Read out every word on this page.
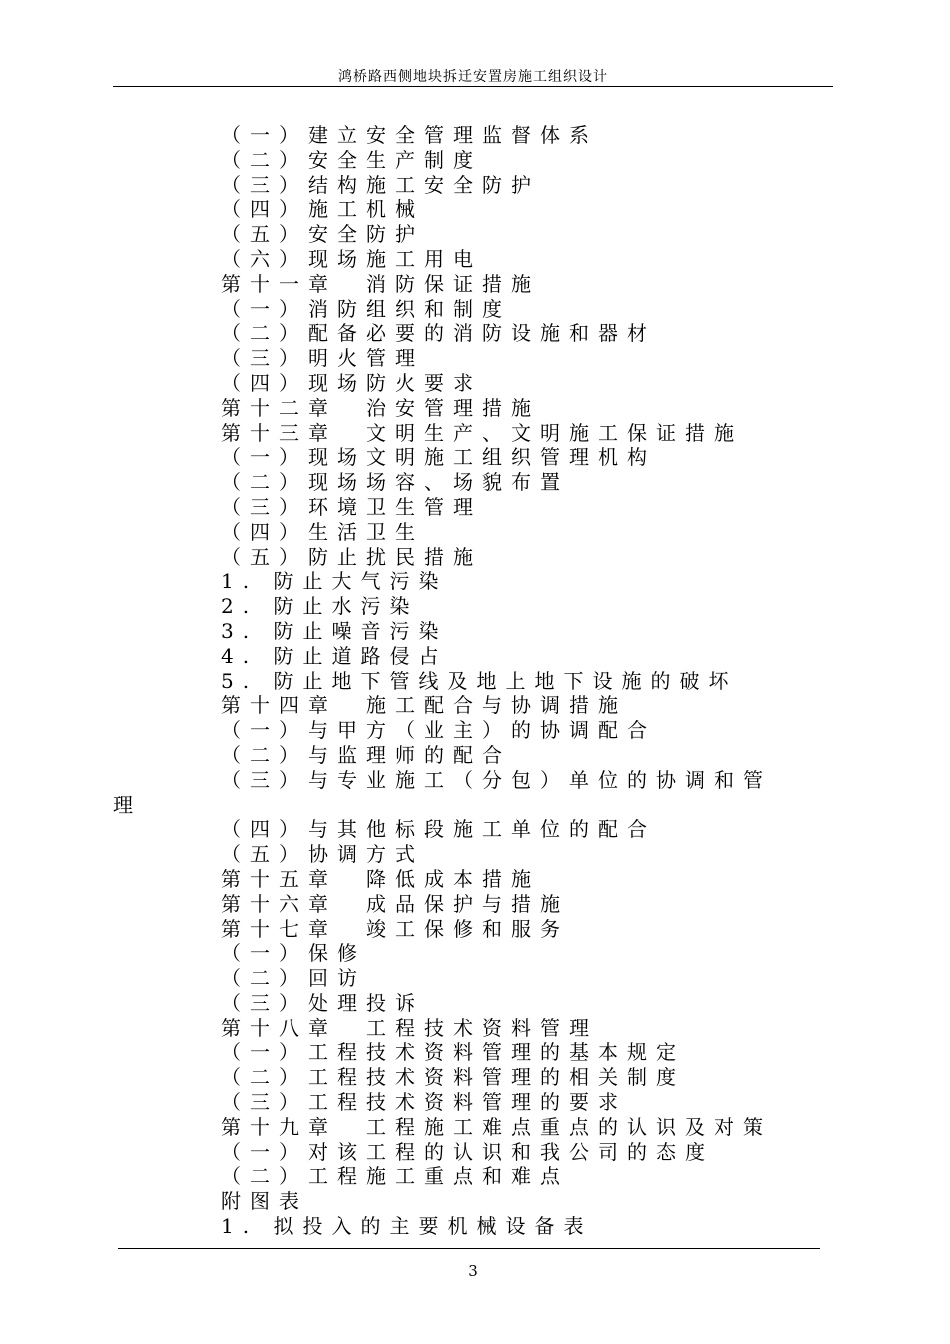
鸿桥路西侧地块拆迁安置房施工组织设计
（一）建立安全管理监督体系
（二）安全生产制度
（三）结构施工安全防护
（四）施工机械
（五）安全防护
（六）现场施工用电
第十一章　消防保证措施
（一）消防组织和制度
（二）配备必要的消防设施和器材
（三）明火管理
（四）现场防火要求
第十二章　治安管理措施
第十三章　文明生产、文明施工保证措施
（一）现场文明施工组织管理机构
（二）现场场容、场貌布置
（三）环境卫生管理
（四）生活卫生
（五）防止扰民措施
1. 防止大气污染
2. 防止水污染
3. 防止噪音污染
4. 防止道路侵占
5. 防止地下管线及地上地下设施的破坏
第十四章　施工配合与协调措施
（一）与甲方（业主）的协调配合
（二）与监理师的配合
（三）与专业施工（分包）单位的协调和管
理
（四）与其他标段施工单位的配合
（五）协调方式
第十五章　降低成本措施
第十六章　成品保护与措施
第十七章　竣工保修和服务
（一）保修
（二）回访
（三）处理投诉
第十八章　工程技术资料管理
（一）工程技术资料管理的基本规定
（二）工程技术资料管理的相关制度
（三）工程技术资料管理的要求
第十九章　工程施工难点重点的认识及对策
（一）对该工程的认识和我公司的态度
（二）工程施工重点和难点
附图表
1. 拟投入的主要机械设备表
3
